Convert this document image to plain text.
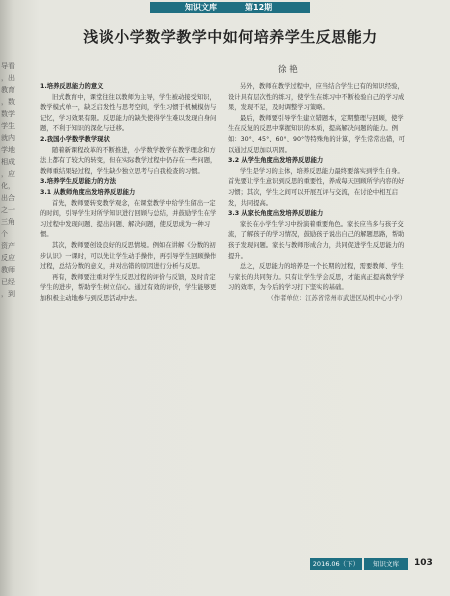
导看
，出
教育
，数
数学
学生
就内
学地
相成
，应
化，
出合
之一
三角
个
资产
反应
教师
已经
，到
知识文库	第12期
浅谈小学数学教学中如何培养学生反思能力
徐 艳

1.培养反思能力的意义

旧式教育中，课堂往往以教师为主导，学生被动接受知识，教学模式单一，缺乏启发性与思考空间，学生习惯于机械模仿与记忆，学习效果有限。反思能力的缺失使得学生难以发现自身问题，不利于知识的深化与迁移。

2.我国小学数学教学现状

随着新课程改革的不断推进，小学数学教学在教学理念和方法上都有了较大的转变，但在实际教学过程中仍存在一些问题，教师重结果轻过程，学生缺少独立思考与自我检查的习惯。

3.培养学生反思能力的方法

3.1 从教师角度出发培养反思能力

首先，教师要转变教学观念，在课堂教学中给学生留出一定的时间，引导学生对所学知识进行回顾与总结，并鼓励学生在学习过程中发现问题、提出问题、解决问题，使反思成为一种习惯。

其次，教师要创设良好的反思情境。例如在讲解《分数的初步认识》一课时，可以先让学生动手操作，再引导学生回顾操作过程，总结分数的意义，并对出错的原因进行分析与反思。

再有，教师要注重对学生反思过程的评价与反馈，及时肯定学生的进步，帮助学生树立信心。通过有效的评价，学生能够更加积极主动地参与到反思活动中去。

另外，教师在教学过程中，应当结合学生已有的知识经验，设计具有层次性的练习，使学生在练习中不断检验自己的学习成果，发现不足，及时调整学习策略。

最后，教师要引导学生建立错题本，定期整理与回顾，使学生在反复的反思中掌握知识的本质，提高解决问题的能力。例如：30°、45°、60°、90°等特殊角的计算，学生常常出错，可以通过反思加以巩固。

3.2 从学生角度出发培养反思能力

学生是学习的主体，培养反思能力最终要落实到学生自身。首先要让学生意识到反思的重要性，养成每天回顾所学内容的好习惯；其次，学生之间可以开展互评与交流，在讨论中相互启发，共同提高。

3.3 从家长角度出发培养反思能力

家长在小学生学习中扮演着重要角色。家长应当多与孩子交流，了解孩子的学习情况，鼓励孩子说出自己的解题思路，帮助孩子发现问题。家长与教师形成合力，共同促进学生反思能力的提升。

总之，反思能力的培养是一个长期的过程，需要教师、学生与家长的共同努力。只有让学生学会反思，才能真正提高数学学习的效率，为今后的学习打下坚实的基础。

（作者单位：江苏省常州市武进区局机中心小学）

2016.06（下）	知识文库	103
